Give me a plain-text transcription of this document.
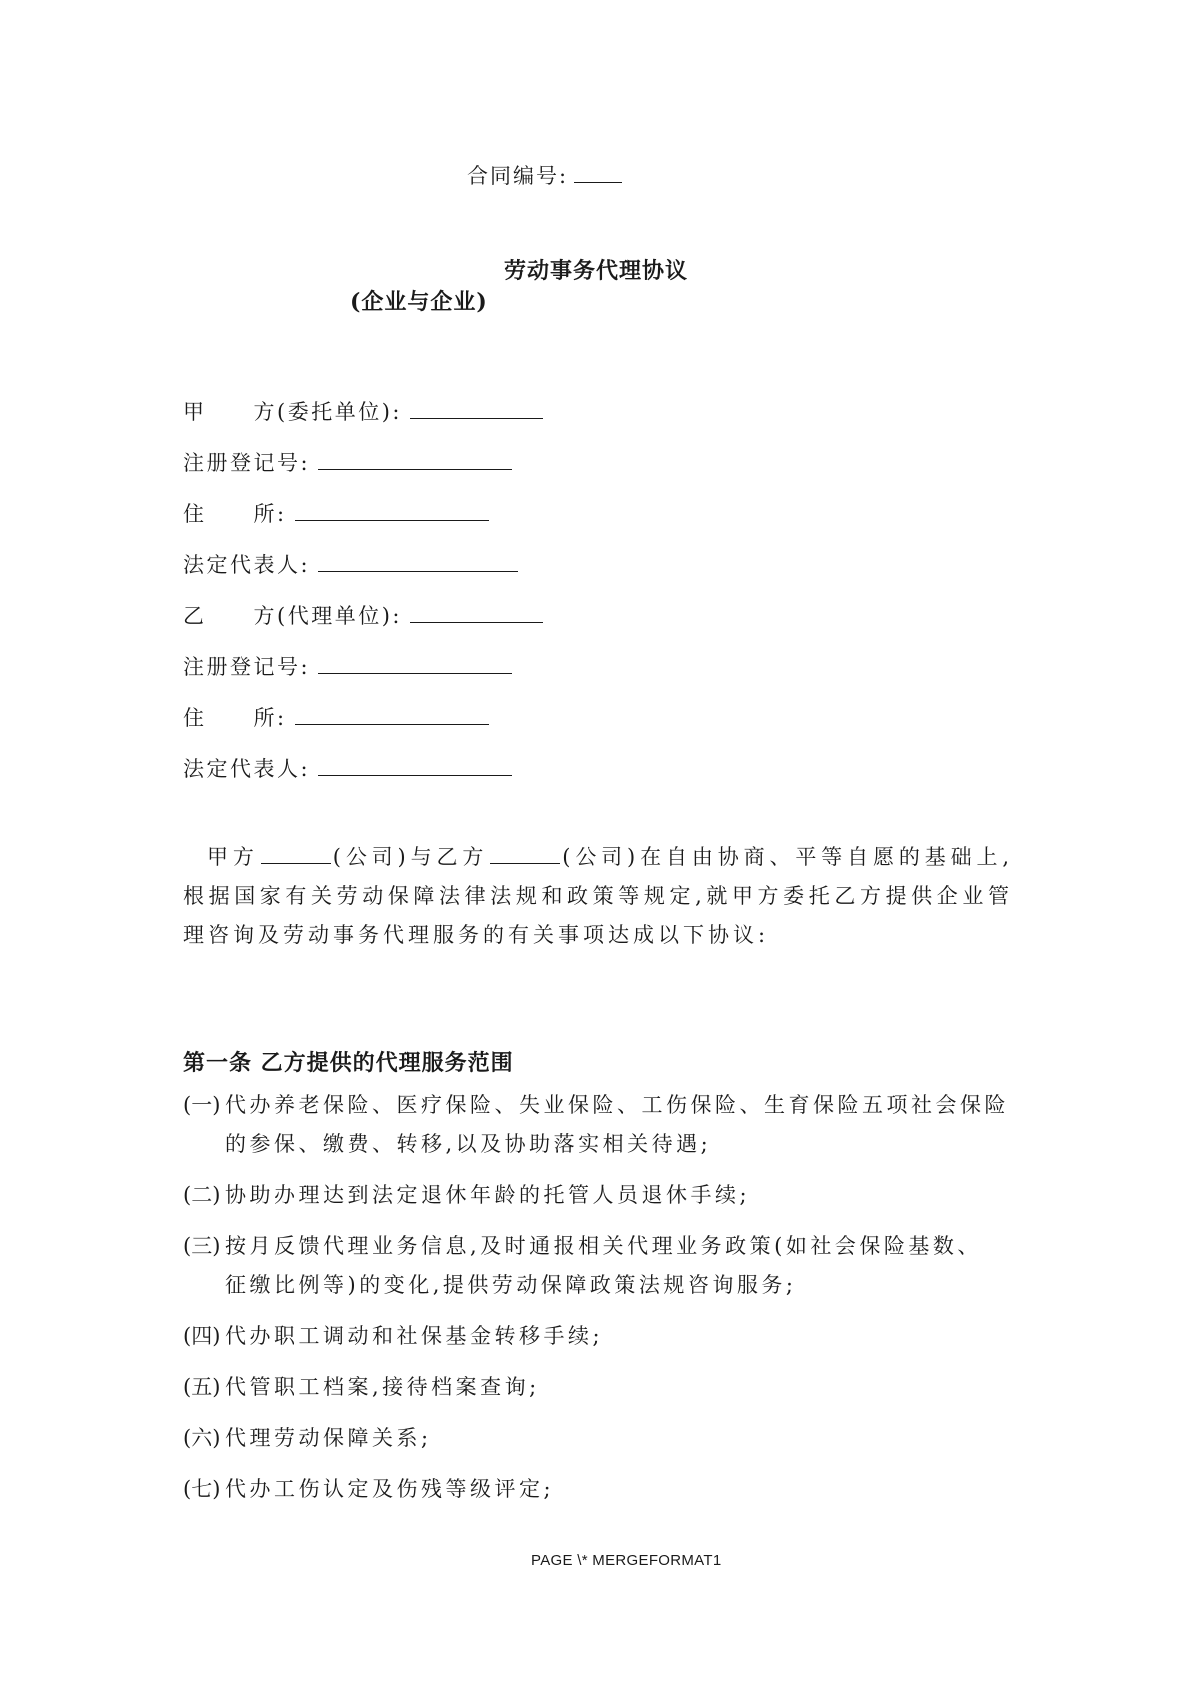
合同编号:
劳动事务代理协议
(企业与企业)
甲　　方(委托单位):
注册登记号:
住　　所:
法定代表人:
乙　　方(代理单位):
注册登记号:
住　　所:
法定代表人:
甲方	(公司)与乙方	(公司)在自由协商、平等自愿的基础上,根据国家有关劳动保障法律法规和政策等规定,就甲方委托乙方提供企业管理咨询及劳动事务代理服务的有关事项达成以下协议:
第一条 乙方提供的代理服务范围
(一) 代办养老保险、医疗保险、失业保险、工伤保险、生育保险五项社会保险
的参保、缴费、转移,以及协助落实相关待遇;
(二) 协助办理达到法定退休年龄的托管人员退休手续;
(三) 按月反馈代理业务信息,及时通报相关代理业务政策(如社会保险基数、
征缴比例等)的变化,提供劳动保障政策法规咨询服务;
(四) 代办职工调动和社保基金转移手续;
(五) 代管职工档案,接待档案查询;
(六) 代理劳动保障关系;
(七) 代办工伤认定及伤残等级评定;
PAGE \* MERGEFORMAT1
